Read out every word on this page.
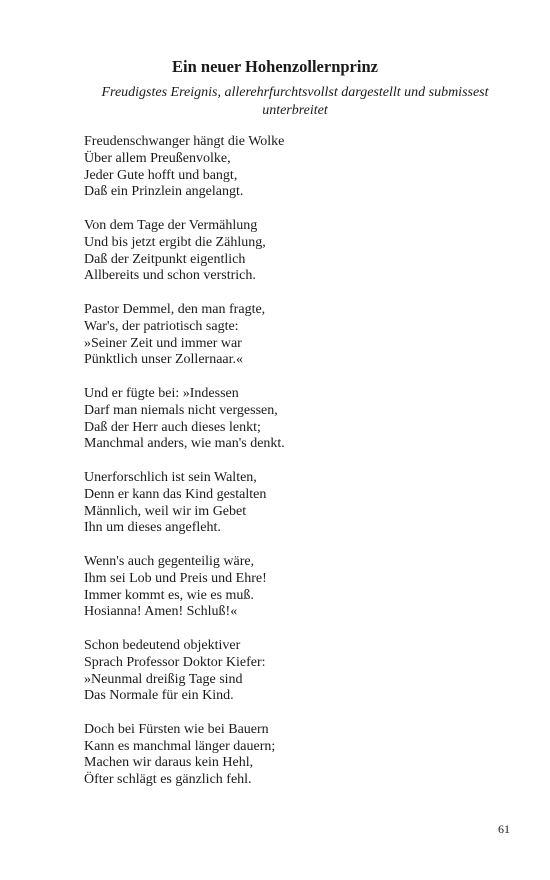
Ein neuer Hohenzollernprinz

Freudigstes Ereignis, allerehrfurchtsvollst dargestellt und submissest unterbreitet

Freudenschwanger hängt die Wolke
Über allem Preußenvolke,
Jeder Gute hofft und bangt,
Daß ein Prinzlein angelangt.

Von dem Tage der Vermählung
Und bis jetzt ergibt die Zählung,
Daß der Zeitpunkt eigentlich
Allbereits und schon verstrich.

Pastor Demmel, den man fragte,
War's, der patriotisch sagte:
»Seiner Zeit und immer war
Pünktlich unser Zollernaar.«

Und er fügte bei: »Indessen
Darf man niemals nicht vergessen,
Daß der Herr auch dieses lenkt;
Manchmal anders, wie man's denkt.

Unerforschlich ist sein Walten,
Denn er kann das Kind gestalten
Männlich, weil wir im Gebet
Ihn um dieses angefleht.

Wenn's auch gegenteilig wäre,
Ihm sei Lob und Preis und Ehre!
Immer kommt es, wie es muß.
Hosianna! Amen! Schluß!«

Schon bedeutend objektiver
Sprach Professor Doktor Kiefer:
»Neunmal dreißig Tage sind
Das Normale für ein Kind.

Doch bei Fürsten wie bei Bauern
Kann es manchmal länger dauern;
Machen wir daraus kein Hehl,
Öfter schlägt es gänzlich fehl.

61
